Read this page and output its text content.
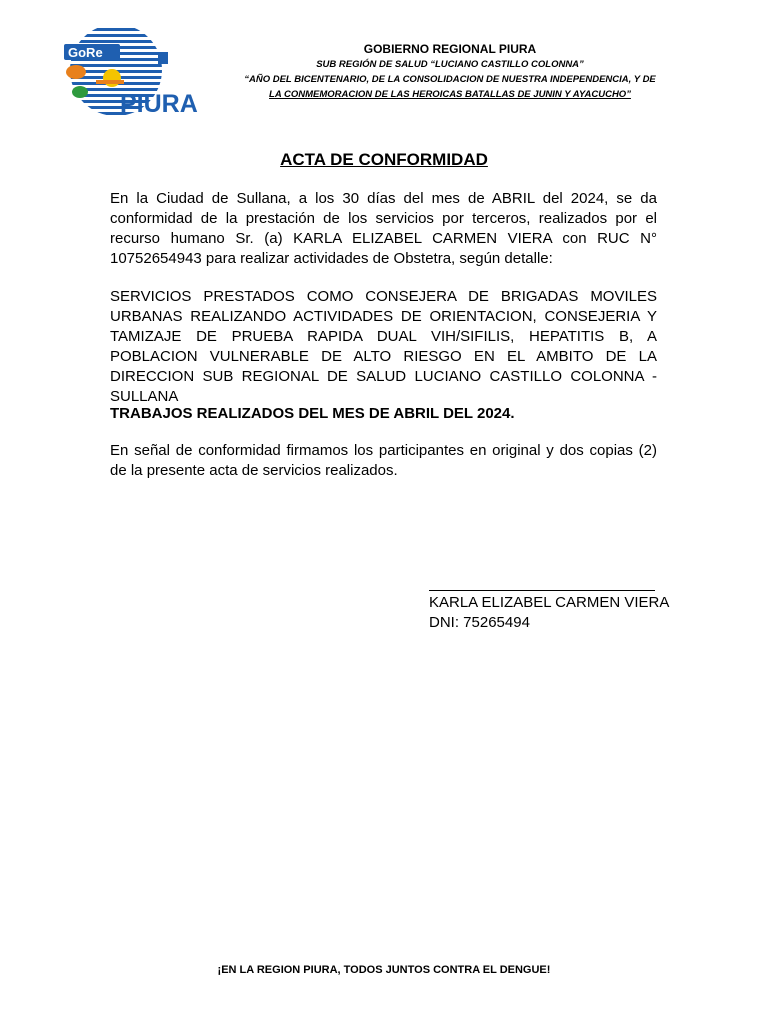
GoRe
PIURA
GOBIERNO REGIONAL PIURA
SUB REGIÓN DE SALUD “LUCIANO CASTILLO COLONNA”
“AÑO DEL BICENTENARIO, DE LA CONSOLIDACION DE NUESTRA INDEPENDENCIA, Y DE
LA CONMEMORACION DE LAS HEROICAS BATALLAS DE JUNIN Y AYACUCHO”
ACTA DE CONFORMIDAD

En la Ciudad de Sullana, a los 30 días del mes de ABRIL del 2024, se da conformidad de la prestación de los servicios por terceros, realizados por el recurso humano Sr. (a) KARLA ELIZABEL CARMEN VIERA con RUC N° 10752654943 para realizar actividades de Obstetra, según detalle:

SERVICIOS PRESTADOS COMO CONSEJERA DE BRIGADAS MOVILES URBANAS REALIZANDO ACTIVIDADES DE ORIENTACION, CONSEJERIA Y TAMIZAJE DE PRUEBA RAPIDA DUAL VIH/SIFILIS, HEPATITIS B, A POBLACION VULNERABLE DE ALTO RIESGO EN EL AMBITO DE LA DIRECCION SUB REGIONAL DE SALUD LUCIANO CASTILLO COLONNA - SULLANA

TRABAJOS REALIZADOS DEL MES DE ABRIL DEL 2024.

En señal de conformidad firmamos los participantes en original y dos copias (2) de la presente acta de servicios realizados.

KARLA ELIZABEL CARMEN VIERA
DNI: 75265494
¡EN LA REGION PIURA, TODOS JUNTOS CONTRA EL DENGUE!
